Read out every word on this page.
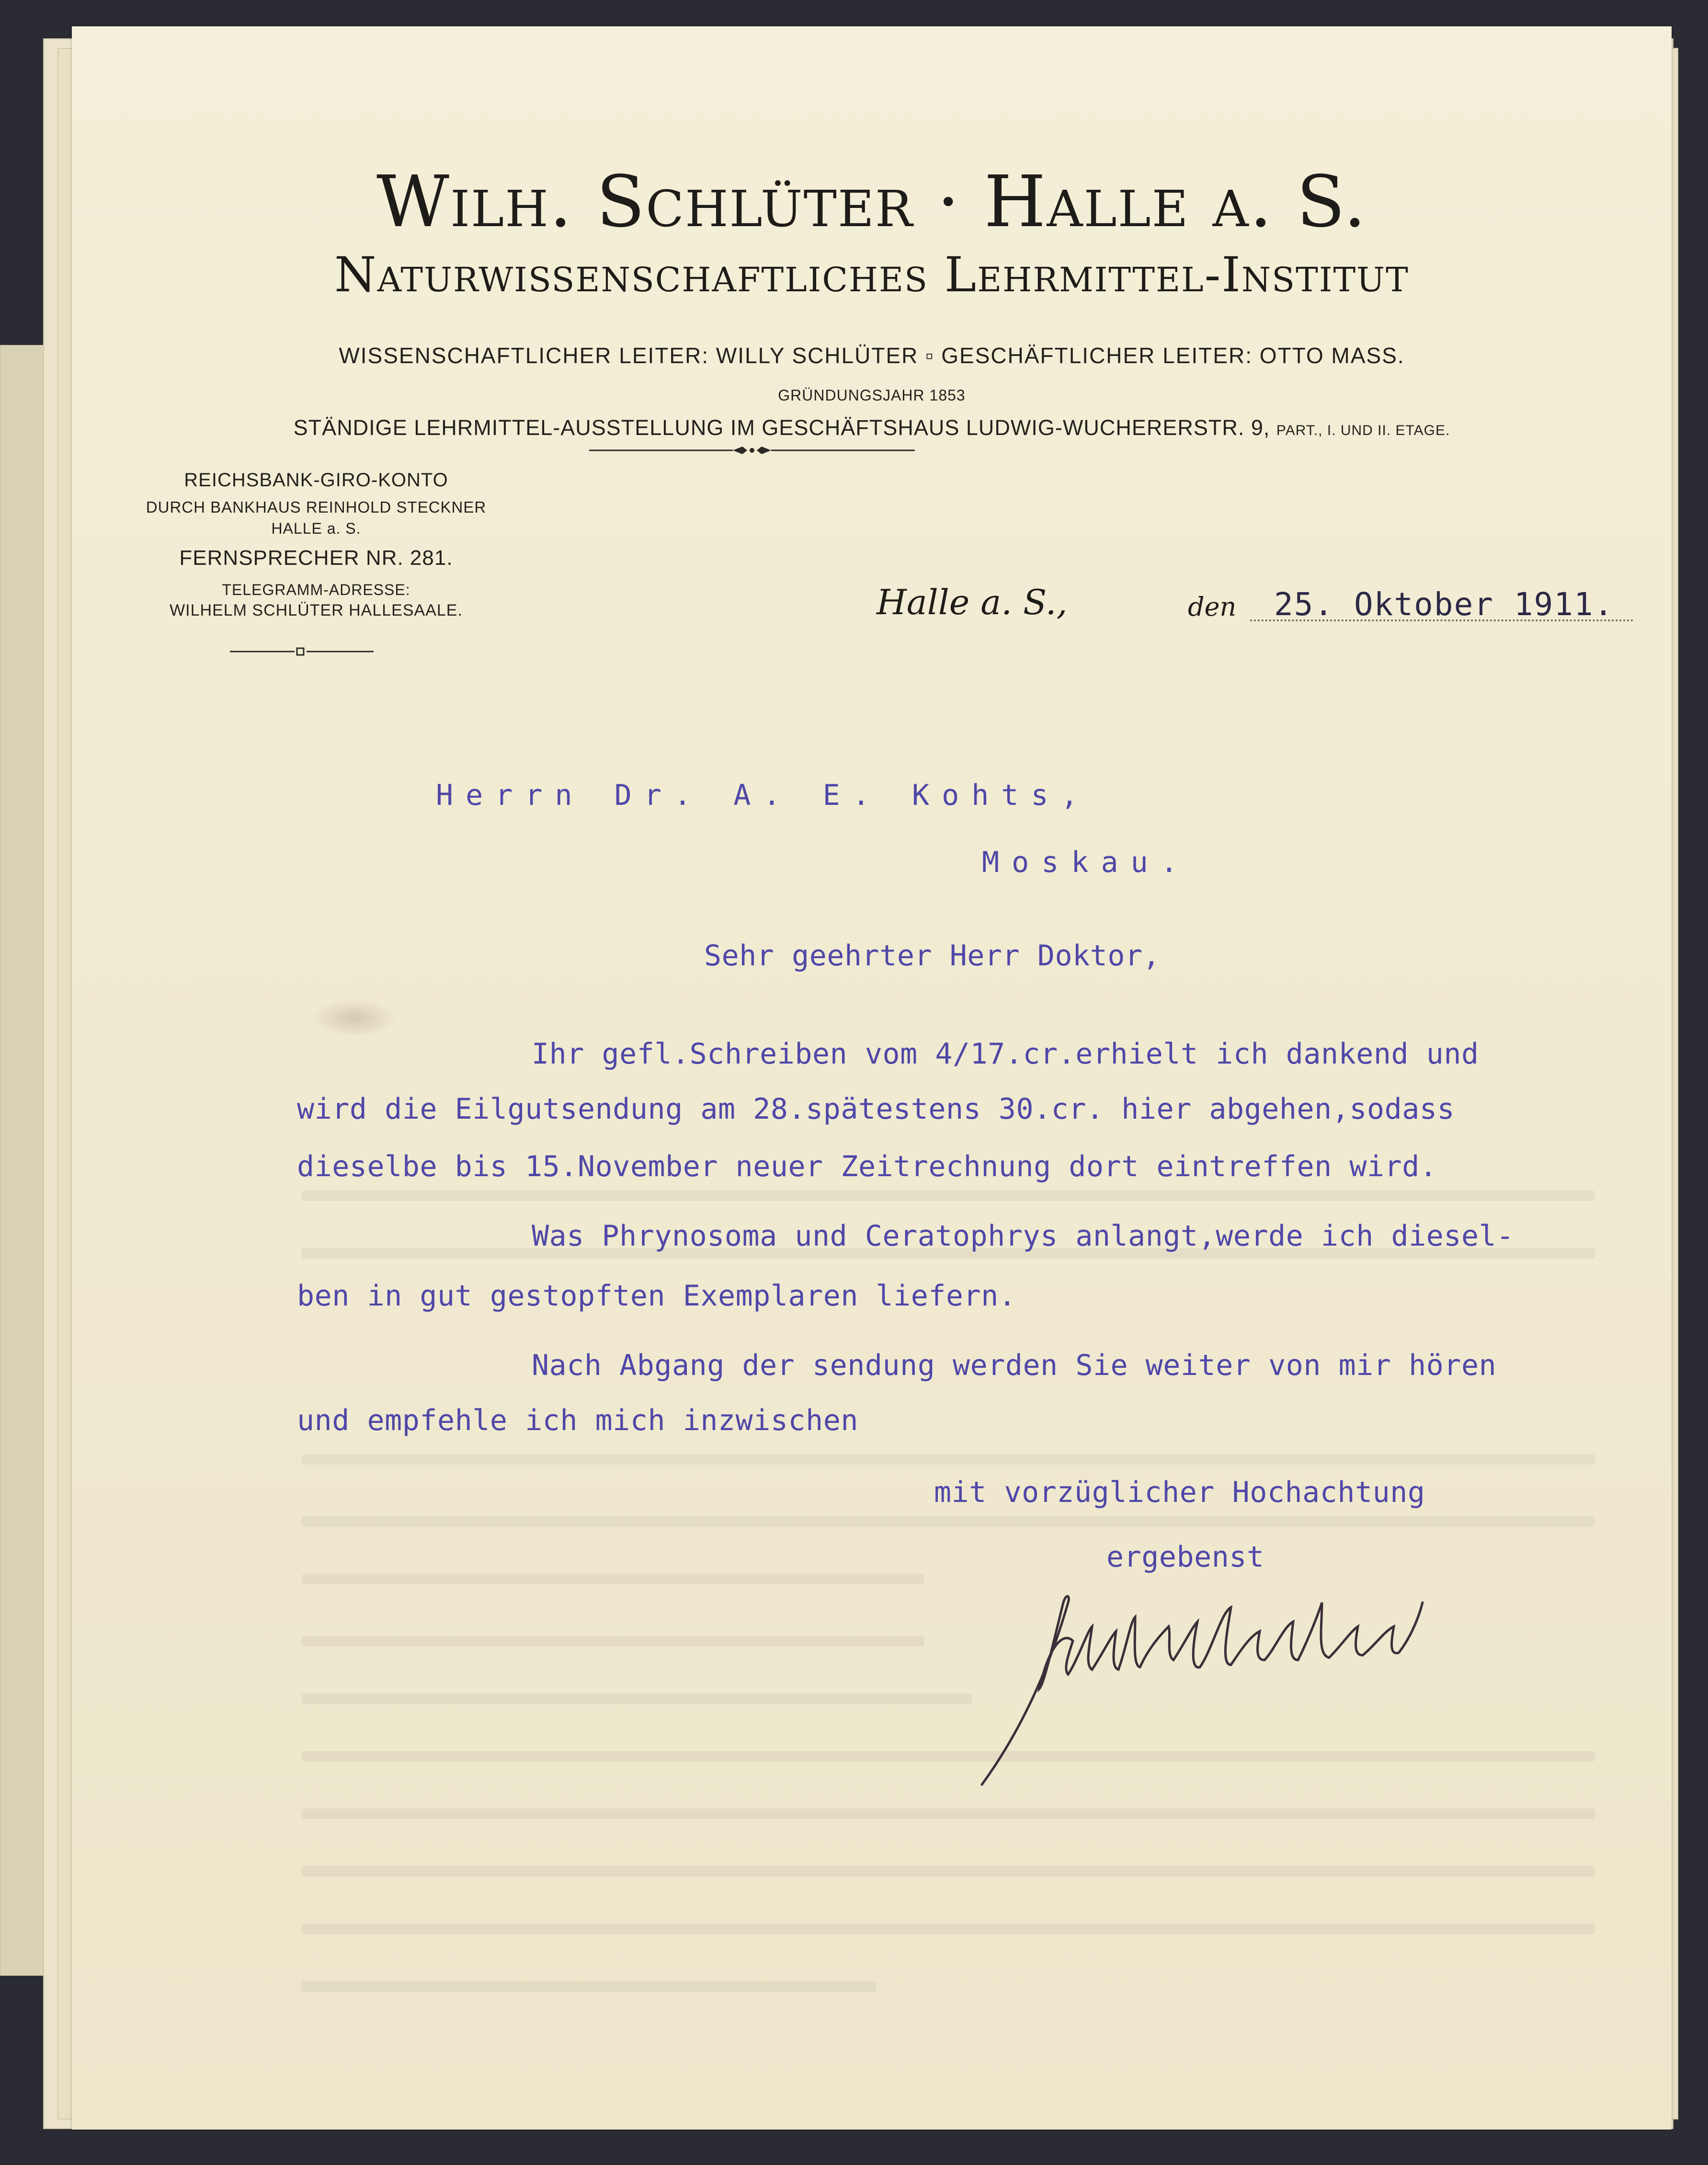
Wilh. Schlüter · Halle a. S.
Naturwissenschaftliches Lehrmittel-Institut
WISSENSCHAFTLICHER LEITER: WILLY SCHLÜTER ▫ GESCHÄFTLICHER LEITER: OTTO MASS.
GRÜNDUNGSJAHR 1853
STÄNDIGE LEHRMITTEL-AUSSTELLUNG IM GESCHÄFTSHAUS LUDWIG-WUCHERERSTR. 9, PART., I. UND II. ETAGE.
REICHSBANK-GIRO-KONTO
DURCH BANKHAUS REINHOLD STECKNER
HALLE a. S.
FERNSPRECHER NR. 281.
TELEGRAMM-ADRESSE:
WILHELM SCHLÜTER HALLESAALE.	Halle a. S.,	den 25. Oktober 1911.
Herrn Dr. A. E. Kohts,
Moskau.
Sehr geehrter Herr Doktor,
Ihr gefl.Schreiben vom 4/17.cr.erhielt ich dankend und
wird die Eilgutsendung am 28.spätestens 30.cr. hier abgehen,sodass
dieselbe bis 15.November neuer Zeitrechnung dort eintreffen wird.
Was Phrynosoma und Ceratophrys anlangt,werde ich diesel-
ben in gut gestopften Exemplaren liefern.
Nach Abgang der sendung werden Sie weiter von mir hören
und empfehle ich mich inzwischen
mit vorzüglicher Hochachtung
ergebenst
